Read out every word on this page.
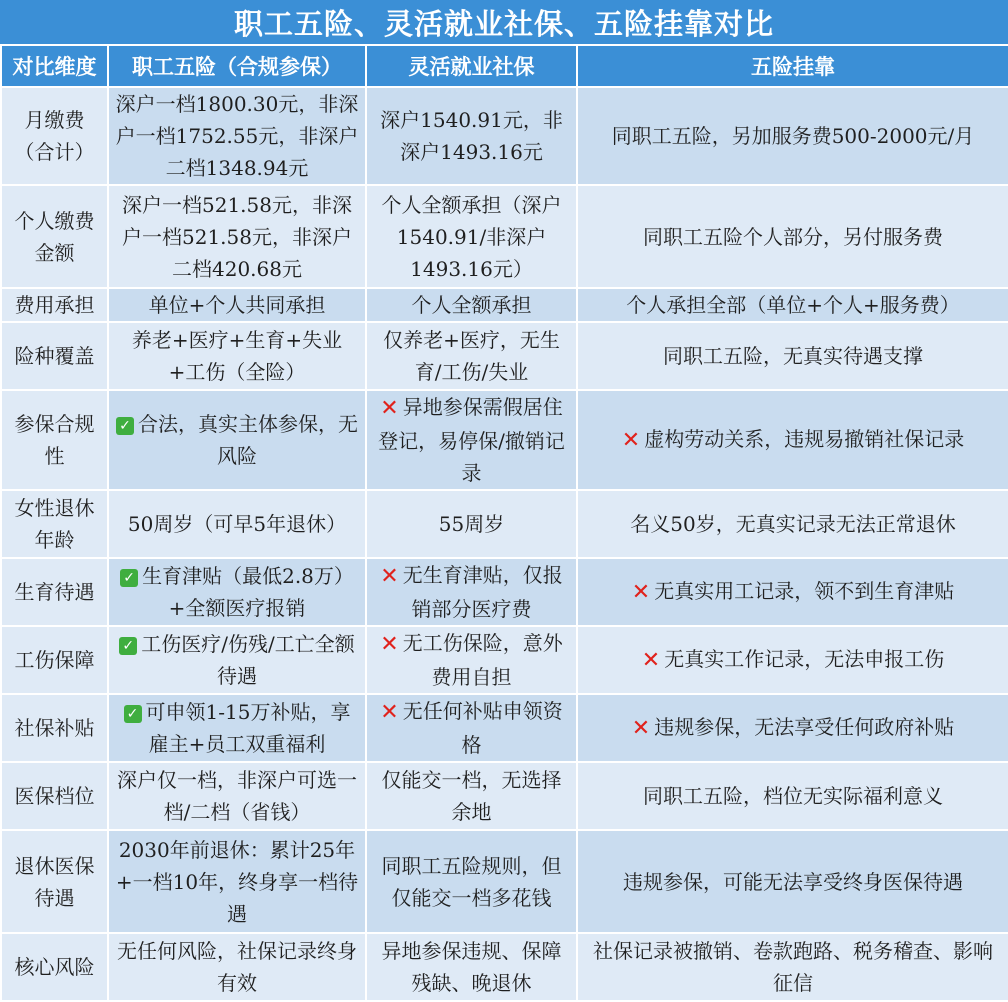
职工五险、灵活就业社保、五险挂靠对比
对比维度	职工五险（合规参保）	灵活就业社保	五险挂靠
月缴费（合计）	深户一档1800.30元，非深户一档1752.55元，非深户二档1348.94元	深户1540.91元，非深户1493.16元	同职工五险，另加服务费500-2000元/月
个人缴费金额	深户一档521.58元，非深户一档521.58元，非深户二档420.68元	个人全额承担（深户1540.91/非深户1493.16元）	同职工五险个人部分，另付服务费
费用承担	单位+个人共同承担	个人全额承担	个人承担全部（单位+个人+服务费）
险种覆盖	养老+医疗+生育+失业+工伤（全险）	仅养老+医疗，无生育/工伤/失业	同职工五险，无真实待遇支撑
参保合规性	✓ 合法，真实主体参保，无风险	✕ 异地参保需假居住登记，易停保/撤销记录	✕ 虚构劳动关系，违规易撤销社保记录
女性退休年龄	50周岁（可早5年退休）	55周岁	名义50岁，无真实记录无法正常退休
生育待遇	✓ 生育津贴（最低2.8万）+全额医疗报销	✕ 无生育津贴，仅报销部分医疗费	✕ 无真实用工记录，领不到生育津贴
工伤保障	✓ 工伤医疗/伤残/工亡全额待遇	✕ 无工伤保险，意外费用自担	✕ 无真实工作记录，无法申报工伤
社保补贴	✓ 可申领1-15万补贴，享雇主+员工双重福利	✕ 无任何补贴申领资格	✕ 违规参保，无法享受任何政府补贴
医保档位	深户仅一档，非深户可选一档/二档（省钱）	仅能交一档，无选择余地	同职工五险，档位无实际福利意义
退休医保待遇	2030年前退休：累计25年+一档10年，终身享一档待遇	同职工五险规则，但仅能交一档多花钱	违规参保，可能无法享受终身医保待遇
核心风险	无任何风险，社保记录终身有效	异地参保违规、保障残缺、晚退休	社保记录被撤销、卷款跑路、税务稽查、影响征信
